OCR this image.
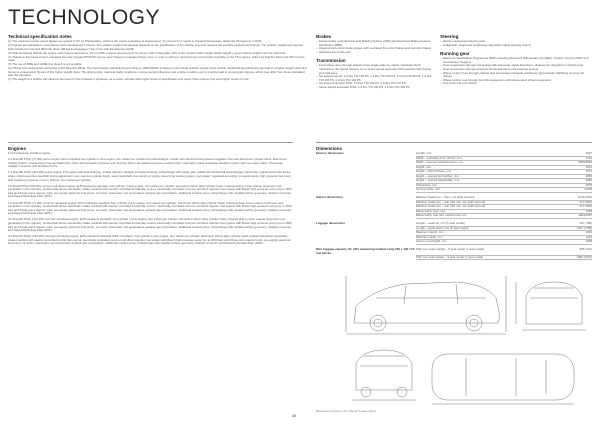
TECHNOLOGY
Technical specification notes

(1) The maximum power output figures are quoted in PS (or Pferdestärke, which is the metric equivalent of horsepower). To convert from metric to Imperial horsepower, divide the PS figure by 1.0139.

(2) Figures are calculated in accordance with manufacturer's criteria. The unladen weight and payload depends on the specification of the vehicle. Any item reduces the possible payload accordingly. The unladen weight and payload both include the fuel tank 90% full, driver (68 kg) and luggage (7 kg) in line with EU directive 92/48.

(3) With increasing altitude the engine performance diminishes. From 1,000 m above sea level and for every 1,000 m thereafter 10% of the vehicle/ trailer weight (trailer weight + gross vehicle weight) must be deducted.

(4) Thanks to the knock control, unleaded four star (at least 95 RON) can be used instead of unleaded Super plus, in order to achieve maximum fuel consumption benefits on the TSI engines, Ultra Low Sulphur Petrol (ULSP) must be used.

(5) The use of RME and FAME (bio diesel) is not possible.

(6) Official fuel consumption according to EU Directive 99/94. The consumption calculations according to 1999/100/EC is based on the actual unladen weight of the vehicle. Additional specifications can lead to a higher weight class and hence to consumption figures of this higher weight class. The driving style, road and traffic conditions, environmental influences and vehicle condition can in practice lead to consumption figures, which may differ from those calculated with this standard.

(7) The weight of a vehicle will influence the level of CO2 emission it produces; as a result, vehicles with higher levels of specification and heavy fitted options may emit higher levels of CO2.

Brakes
– Electronically controlled Anti-lock Braking System (ABS) with Electronic Brake-pressure Distribution (EBD)
– Diagonal twin-circuit brake system with ventilated front disc brakes and rear disc brakes
– Asbestos-free brake pad
Transmission
– Front-wheel drive through asbestos-free single-plate dry clutch, Hydraulic clutch mechanism. Six speed manual, six or seven speed automatic DSG gearbox with double joint half axles
– Six speed manual: 1.2 litre TSI 105 PS, 1.4 litre TSI 160 PS, 1.6 litre TDI 90 PS, 1.6 litre TDI 105 PS, 2.0 litre TDI 140 PS
– Six speed automatic DSG: 2.0 litre TDI 140 PS, 2.0 litre TDI 170 PS
– Seven speed automatic DSG: 1.4 litre TSI 140 PS, 1.6 litre TDI 105 PS
Steering
– Electro-mechanical steering rack
– Collapsible, height and lengthways adjustable safety steering column
Running gear
– Electronic Stabilisation Programme (ESP) including Electronic Differential Lock (EDL), Traction Control (ASR) and Countersteer Support
– Front suspension through coil springs with telescopic shock absorbers, all elements integrated in chassis legs
– Rear suspension with gas-pressure shock absorbers and separate springs
– Wheel control: front through chassis legs and (lower) triangular wishbones (dynamically stabilising steering roll radius)
– Wheel control: rear through four-link suspension with independent wheel suspension
– Front and rear anti-roll bar
Engines
Front transverse installed engine
1.2 litre/105 PS(1) (77 kW) petrol engine: EU5 compliant four-cylinder in-line engine, two valves per cylinder and turbocharger module with electric boost pressure regulator. Die-cast aluminium cylinder block, dual circuit cooling system, maintenance-free camshaft drive chain with hydraulic tensioner and oil pump driven via maintenance-free toothed chain. Internally cooled crankcase breather system with non-return valve. Three-way catalytic converter with lambda control.
1.4 litre/160 PS(1) (103 kW) petrol engine: TSI engine with dual charging, double injection catalytic converter heating, turbocharger with waste gate, additional mechanical supercharger, intercooler, maintenance-free timing chain, continuous inlet camshaft timing adjustment, grey cast iron cylinder block, steel crankshaft, duo-centric oil pump, dual-circuit cooling system, fuel system regulated according to requirements, high pressure fuel pump with a delivery pressure of up to 150 bar, four valves per cylinder.
1.6 litre/90 PS(1) (66 kW) common rail diesel engine: EU5 emissions standard, four cylinder in-line engine, four valves per cylinder, aluminium silicon alloy cylinder head, reduced piston crown volume (improves next generation in the cylinder), toothed belt-driven camshafts, intake manifold with electric controlled tumble flap control, electrically controlled common rail direct injection fuel system with Bosch high pressure pump (up to 1600 bar) and 8-hole piezo injector units, pre-supply electronic fuel pump, oil cooler, intercooler, low temperature exhaust gas recirculation, additional coolant pump, turbocharger with variable turbine geometry, catalytic converter and Diesel Particulate Filter (DPF).
1.6 litre/105 PS(1) (77 kW) common rail diesel engine: EU5 emissions standard, four cylinder in-line engine, four valves per cylinder, aluminium silicon alloy cylinder head, reduced piston crown volume (improves next generation in the cylinder), toothed belt-driven camshafts, intake manifold with electric controlled tumble flap control, electrically controlled common rail direct injection fuel system with Bosch high pressure pump (up to 1600 bar) and 8-hole piezo injector units, pre-supply electronic fuel pump, oil cooler, intercooler, low temperature exhaust gas recirculation, additional coolant pump, turbocharger with variable turbine geometry, catalytic converter and Diesel Particulate Filter (DPF).
2.0 litre/140 PS(1) (103 kW) common rail diesel engine: EU5 emissions standard, four cylinder in-line engine, four valves per cylinder, aluminium silicon alloy cylinder head, reduced piston crown volume (improves next generation in the cylinder), toothed belt-driven camshafts, intake manifold with electric controlled tumble flap control, electrically controlled common rail direct injection fuel system with Bosch high pressure pump (up to 1800 bar) and 8-hole piezo injector units, pre-supply electronic fuel pump, oil cooler, intercooler, low temperature exhaust gas recirculation, additional coolant pump, turbocharger with variable turbine geometry, catalytic converter and Diesel Particulate Filter (DPF).
2.0 litre/170 PS(1) (125 kW) common rail diesel engine: EU5 emissions standard (DPF compliant), four cylinder in-line engine, four valves per cylinder, aluminium silicon alloy cylinder head, toothed belt-driven camshafts, intake manifold with electric controlled tumble flap control, electrically controlled common rail direct injection fuel system with Bosch high pressure pump (up to 1800 bar) and 8-hole piezo injector units, pre-supply electronic fuel pump, oil cooler, intercooler, low temperature exhaust gas recirculation, additional coolant pump, turbocharger with variable turbine geometry, catalytic converter and Diesel Particulate Filter (DPF).
Dimensions
Exterior dimensions	Length, mm	4397
	Width – excluding door mirrors, mm	1794
	Width – opened front/rear doors, mm	3590/3584
	Height, mm	1634
	Height – with roof bars, mm	1674
	Height – opened bonnet/flap, mm	1865
	Height – opened tailgate/flap, mm	2060
	Wheelbase, mm	2678
	Turning circle, mm	11000

Interior dimensions	Effective headroom – front, mm (with sunroof)	1016 (978)
	Effective headroom – rear (3rd row, mm (with sunroof)	972 (954)
	Effective headroom – rear (3rd row, mm (with sunroof)	917 (903)
	Elbow width, front, mm	1458
	Elbow width, rear (3rd row/3rd row, mm	1484/1097

Luggage dimensions	Length – seats up, mm (5 seat model)	337 (785)
	Length – seats down, mm (5 seat model)	1791 (1785)
	Maximum height, mm	1000
	Maximum width, mm	1119
	Floor to roof height, mm	1098

Max. luggage capacity, litr. VDA measuring method using 200 x 100 x 50 mm blocks.	With rear seats upright – 5 seat model (7 seat model)	695 (121)
	With rear seats folded – 5 seat model (7 seat model)	1989 (1913)
Dimensions shown in mm (Touran 5 seat option).
48
